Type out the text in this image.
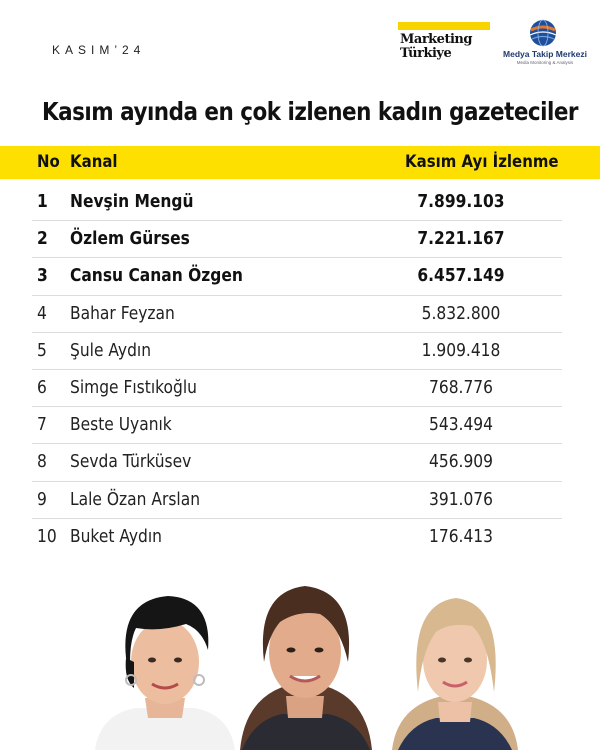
KASIM’24
Marketing
Türkiye	Medya Takip Merkezi
Media Monitoring & Analysis
Kasım ayında en çok izlenen kadın gazeteciler
No Kanal	Kasım Ayı İzlenme
1	Nevşin Mengü	7.899.103
2	Özlem Gürses	7.221.167
3	Cansu Canan Özgen	6.457.149
4	Bahar Feyzan	5.832.800
5	Şule Aydın	1.909.418
6	Simge Fıstıkoğlu	768.776
7	Beste Uyanık	543.494
8	Sevda Türküsev	456.909
9	Lale Özan Arslan	391.076
10 Buket Aydın	176.413
